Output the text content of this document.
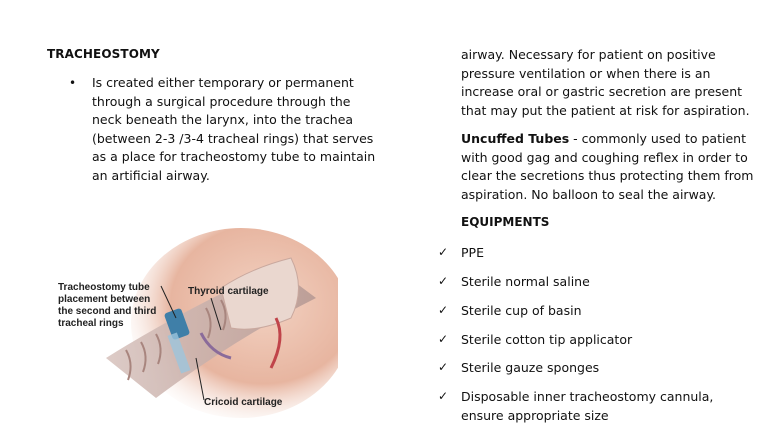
TRACHEOSTOMY
• Is created either temporary or permanent through a surgical procedure through the neck beneath the larynx, into the trachea (between 2-3 /3-4 tracheal rings) that serves as a place for tracheostomy tube to maintain an artificial airway.
Tracheostomy tube
placement between
the second and third
tracheal rings
Thyroid cartilage
Cricoid cartilage
airway. Necessary for patient on positive pressure ventilation or when there is an increase oral or gastric secretion are present that may put the patient at risk for aspiration.
Uncuffed Tubes - commonly used to patient with good gag and coughing reflex in order to clear the secretions thus protecting them from aspiration. No balloon to seal the airway.
EQUIPMENTS
✓ PPE
✓ Sterile normal saline
✓ Sterile cup of basin
✓ Sterile cotton tip applicator
✓ Sterile gauze sponges
✓ Disposable inner tracheostomy cannula, ensure appropriate size
